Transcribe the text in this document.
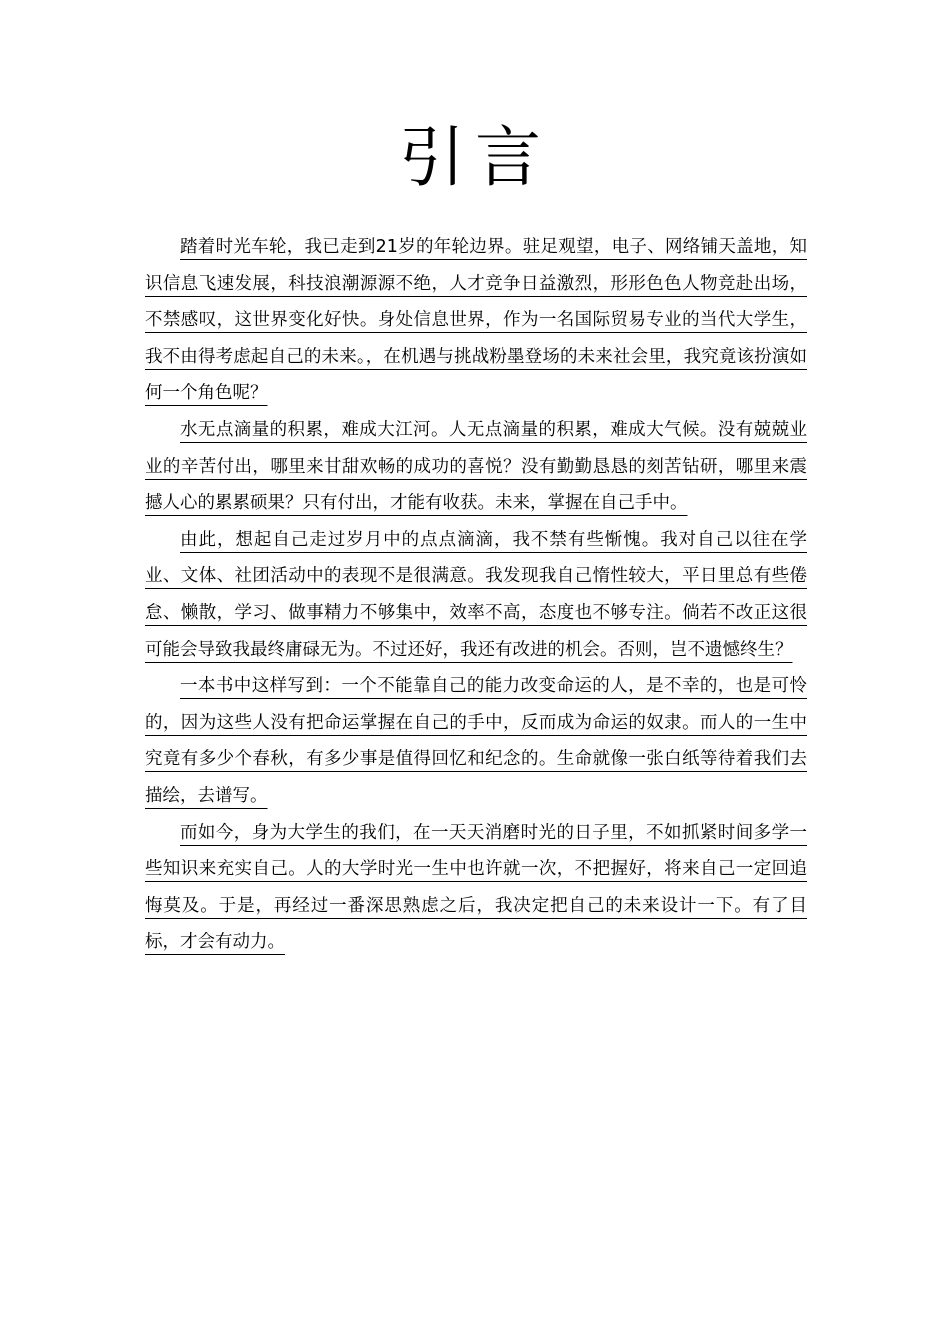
引言

踏着时光车轮，我已走到21岁的年轮边界。驻足观望，电子、网络铺天盖地，知识信息飞速发展，科技浪潮源源不绝，人才竞争日益激烈，形形色色人物竞赴出场，不禁感叹，这世界变化好快。身处信息世界，作为一名国际贸易专业的当代大学生，我不由得考虑起自己的未来。，在机遇与挑战粉墨登场的未来社会里，我究竟该扮演如何一个角色呢？

水无点滴量的积累，难成大江河。人无点滴量的积累，难成大气候。没有兢兢业业的辛苦付出，哪里来甘甜欢畅的成功的喜悦？没有勤勤恳恳的刻苦钻研，哪里来震撼人心的累累硕果？只有付出，才能有收获。未来，掌握在自己手中。

由此，想起自己走过岁月中的点点滴滴，我不禁有些惭愧。我对自己以往在学业、文体、社团活动中的表现不是很满意。我发现我自己惰性较大，平日里总有些倦怠、懒散，学习、做事精力不够集中，效率不高，态度也不够专注。倘若不改正这很可能会导致我最终庸碌无为。不过还好，我还有改进的机会。否则，岂不遗憾终生？

一本书中这样写到：一个不能靠自己的能力改变命运的人，是不幸的，也是可怜的，因为这些人没有把命运掌握在自己的手中，反而成为命运的奴隶。而人的一生中究竟有多少个春秋，有多少事是值得回忆和纪念的。生命就像一张白纸等待着我们去描绘，去谱写。

而如今，身为大学生的我们，在一天天消磨时光的日子里，不如抓紧时间多学一些知识来充实自己。人的大学时光一生中也许就一次，不把握好，将来自己一定回追悔莫及。于是，再经过一番深思熟虑之后，我决定把自己的未来设计一下。有了目标，才会有动力。
